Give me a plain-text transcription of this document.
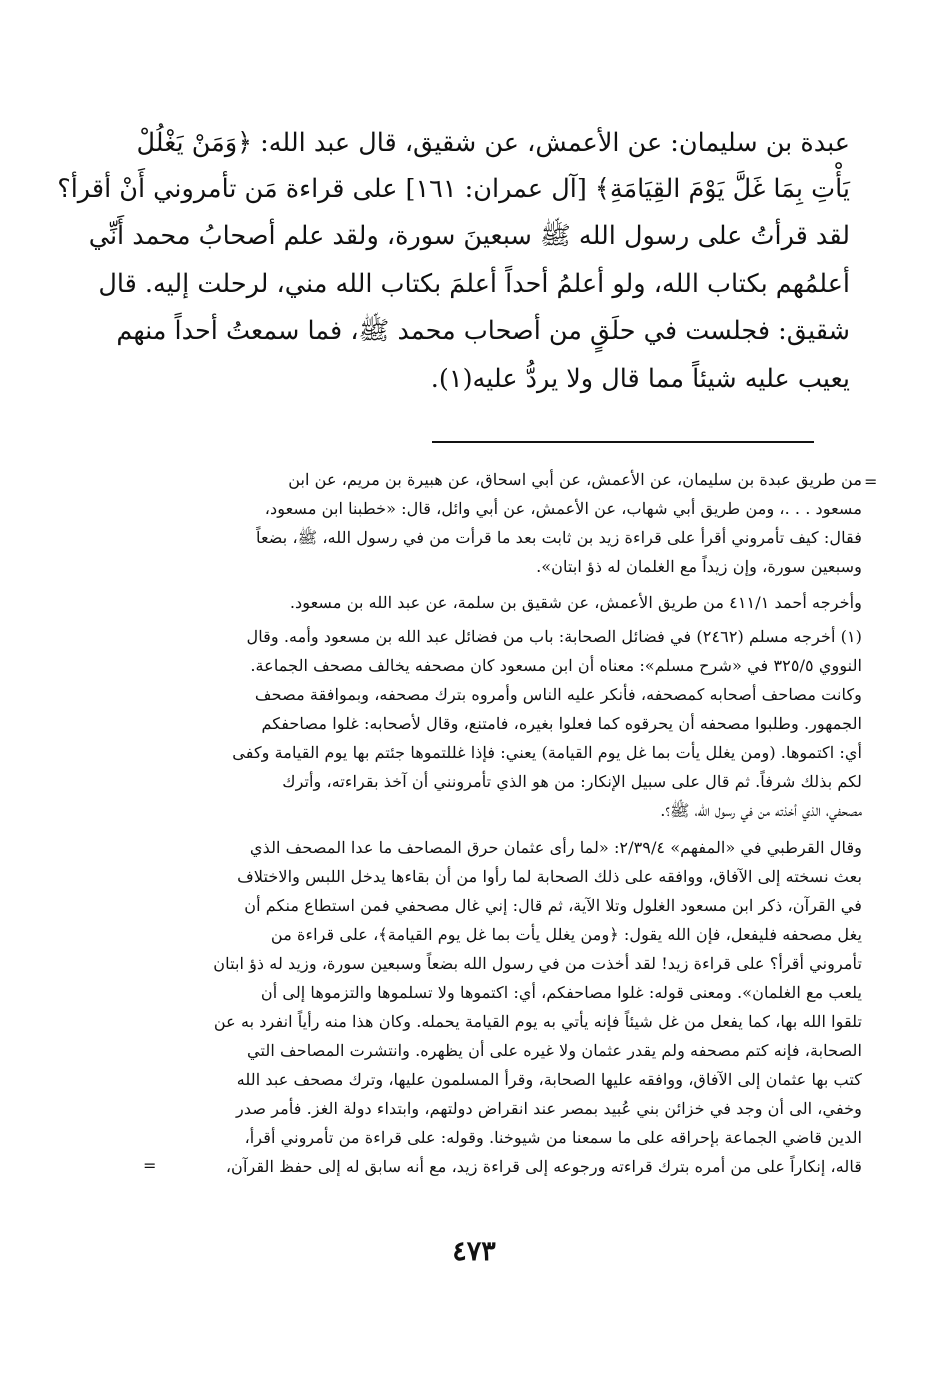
عبدة بن سليمان: عن الأعمش، عن شقيق، قال عبد الله: ﴿وَمَنْ يَغْلُلْ
يَأْتِ بِمَا غَلَّ يَوْمَ القِيَامَةِ﴾ [آل عمران: ١٦١] على قراءة مَن تأمروني أَنْ أقرأ؟
لقد قرأتُ على رسول الله ﷺ سبعينَ سورة، ولقد علم أصحابُ محمد أَنِّي
أعلمُهم بكتاب الله، ولو أعلمُ أحداً أعلمَ بكتاب الله مني، لرحلت إليه. قال
شقيق: فجلست في حلَقٍ من أصحاب محمد ﷺ، فما سمعتُ أحداً منهم
يعيب عليه شيئاً مما قال ولا يردُّ عليه(١).
=
من طريق عبدة بن سليمان، عن الأعمش، عن أبي اسحاق، عن هبيرة بن مريم، عن ابن
مسعود . . .، ومن طريق أبي شهاب، عن الأعمش، عن أبي وائل، قال: «خطبنا ابن مسعود،
فقال: كيف تأمروني أقرأ على قراءة زيد بن ثابت بعد ما قرأت من في رسول الله، ﷺ، بضعاً
وسبعين سورة، وإن زيداً مع الغلمان له ذؤ ابتان».
وأخرجه أحمد ٤١١/١ من طريق الأعمش، عن شقيق بن سلمة، عن عبد الله بن مسعود.
(١) أخرجه مسلم (٢٤٦٢) في فضائل الصحابة: باب من فضائل عبد الله بن مسعود وأمه. وقال
النووي ٣٢٥/٥ في «شرح مسلم»: معناه أن ابن مسعود كان مصحفه يخالف مصحف الجماعة.
وكانت مصاحف أصحابه كمصحفه، فأنكر عليه الناس وأمروه بترك مصحفه، وبموافقة مصحف
الجمهور. وطلبوا مصحفه أن يحرقوه كما فعلوا بغيره، فامتنع، وقال لأصحابه: غلوا مصاحفكم
أي: اكتموها. (ومن يغلل يأت بما غل يوم القيامة) يعني: فإذا غللتموها جئتم بها يوم القيامة وكفى
لكم بذلك شرفاً. ثم قال على سبيل الإنكار: من هو الذي تأمرونني أن آخذ بقراءته، وأترك
مصحفي، الذي أخذته من في رسول الله، ﷺ؟.
وقال القرطبي في «المفهم» ٢/٣٩/٤: «لما رأى عثمان حرق المصاحف ما عدا المصحف الذي
بعث نسخته إلى الآفاق، ووافقه على ذلك الصحابة لما رأوا من أن بقاءها يدخل اللبس والاختلاف
في القرآن، ذكر ابن مسعود الغلول وتلا الآية، ثم قال: إني غال مصحفي فمن استطاع منكم أن
يغل مصحفه فليفعل، فإن الله يقول: ﴿ومن يغلل يأت بما غل يوم القيامة﴾، على قراءة من
تأمروني أقرأ؟ على قراءة زيد! لقد أخذت من في رسول الله بضعاً وسبعين سورة، وزيد له ذؤ ابتان
يلعب مع الغلمان». ومعنى قوله: غلوا مصاحفكم، أي: اكتموها ولا تسلموها والتزموها إلى أن
تلقوا الله بها، كما يفعل من غل شيئاً فإنه يأتي به يوم القيامة يحمله. وكان هذا منه رأياً انفرد به عن
الصحابة، فإنه كتم مصحفه ولم يقدر عثمان ولا غيره على أن يظهره. وانتشرت المصاحف التي
كتب بها عثمان إلى الآفاق، ووافقه عليها الصحابة، وقرأ المسلمون عليها، وترك مصحف عبد الله
وخفي، الى أن وجد في خزائن بني عُبيد بمصر عند انقراض دولتهم، وابتداء دولة الغز. فأمر صدر
الدين قاضي الجماعة بإحراقه على ما سمعنا من شيوخنا. وقوله: على قراءة من تأمروني أقرأ،
قاله، إنكاراً على من أمره بترك قراءته ورجوعه إلى قراءة زيد، مع أنه سابق له إلى حفظ القرآن،
=
٤٧٣
